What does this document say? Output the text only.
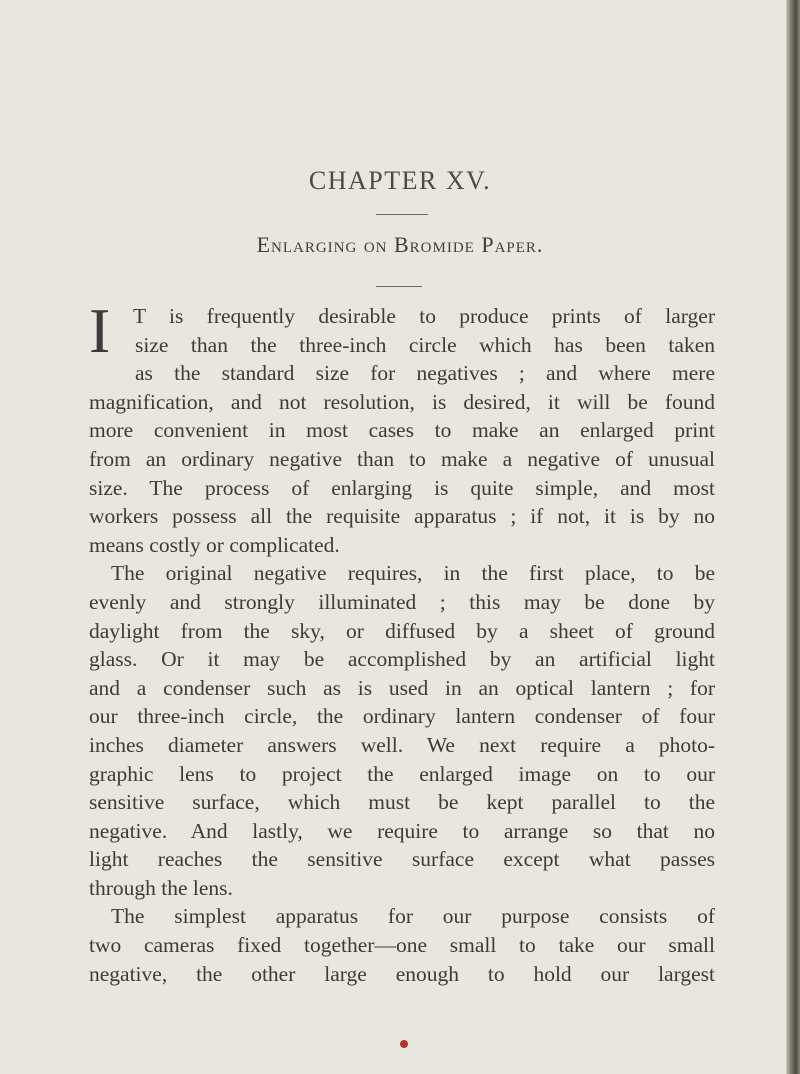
CHAPTER XV.
Enlarging on Bromide Paper.
I	T is frequently desirable to produce prints of larger
size than the three-inch circle which has been taken
as the standard size for negatives ; and where mere
magnification, and not resolution, is desired, it will be found
more convenient in most cases to make an enlarged print
from an ordinary negative than to make a negative of unusual
size. The process of enlarging is quite simple, and most
workers possess all the requisite apparatus ; if not, it is by no
means costly or complicated.
The original negative requires, in the first place, to be
evenly and strongly illuminated ; this may be done by
daylight from the sky, or diffused by a sheet of ground
glass. Or it may be accomplished by an artificial light
and a condenser such as is used in an optical lantern ; for
our three-inch circle, the ordinary lantern condenser of four
inches diameter answers well. We next require a photo-
graphic lens to project the enlarged image on to our
sensitive surface, which must be kept parallel to the
negative. And lastly, we require to arrange so that no
light reaches the sensitive surface except what passes
through the lens.
The simplest apparatus for our purpose consists of
two cameras fixed together—one small to take our small
negative, the other large enough to hold our largest
